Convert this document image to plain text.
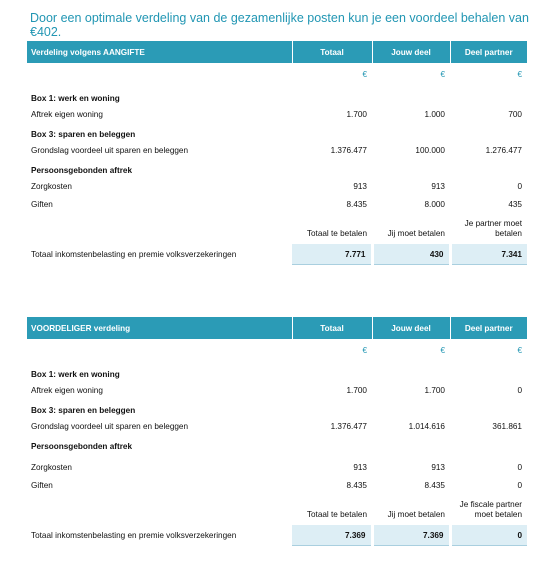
Door een optimale verdeling van de gezamenlijke posten kun je een voordeel behalen van €402.
Verdeling volgens AANGIFTE	Totaal	Jouw deel	Deel partner
	€	€	€
Box 1: werk en woning			

Aftrek eigen woning	1.700	1.000	700
Box 3: sparen en beleggen			

Grondslag voordeel uit sparen en beleggen	1.376.477	100.000	1.276.477
Persoonsgebonden aftrek			

Zorgkosten	913	913	0

Giften	8.435	8.000	435
	Totaal te betalen	Jij moet betalen	Je partner moet betalen

Totaal inkomstenbelasting en premie volksverzekeringen	7.771	430	7.341
VOORDELIGER verdeling	Totaal	Jouw deel	Deel partner
	€	€	€
Box 1: werk en woning			

Aftrek eigen woning	1.700	1.700	0
Box 3: sparen en beleggen			

Grondslag voordeel uit sparen en beleggen	1.376.477	1.014.616	361.861
Persoonsgebonden aftrek			

Zorgkosten	913	913	0

Giften	8.435	8.435	0
	Totaal te betalen	Jij moet betalen	Je fiscale partner moet betalen

Totaal inkomstenbelasting en premie volksverzekeringen	7.369	7.369	0
